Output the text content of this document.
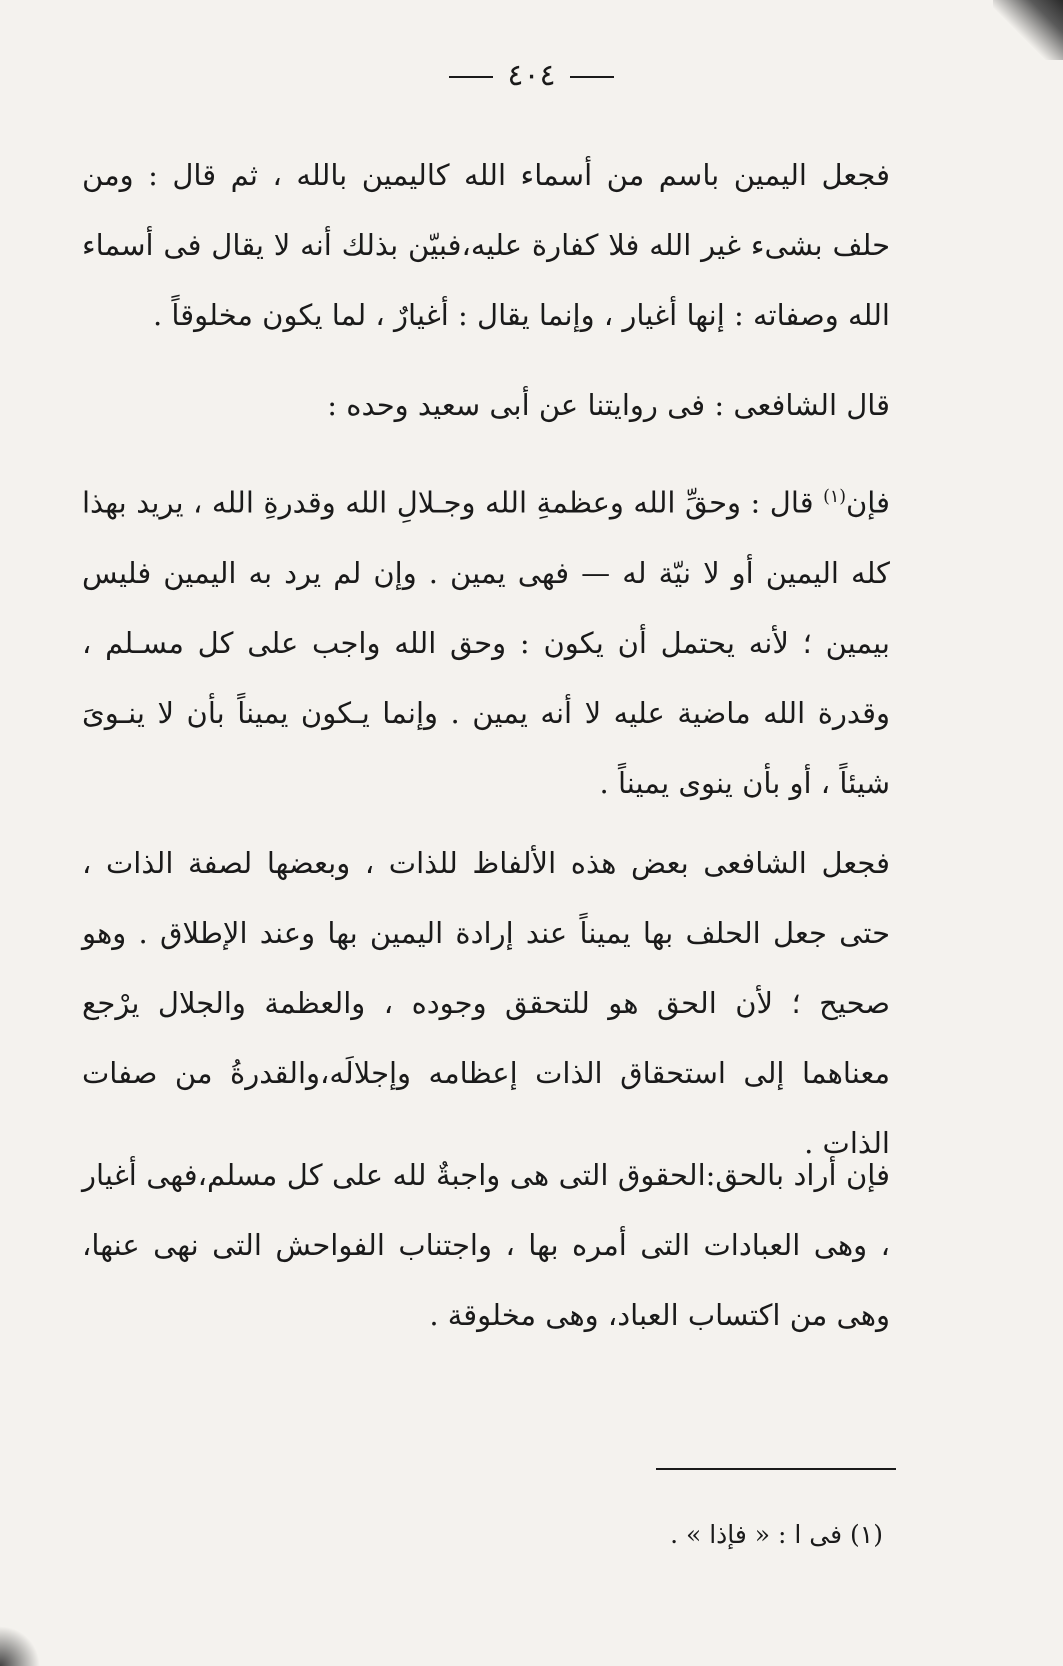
٤٠٤
فجعل اليمين باسم من أسماء الله كاليمين بالله ، ثم قال : ومن حلف بشىء غير الله فلا كفارة عليه،فبيّن بذلك أنه لا يقال فى أسماء الله وصفاته : إنها أغيار ، وإنما يقال : أغيارٌ ، لما يكون مخلوقاً .
قال الشافعى : فى روايتنا عن أبى سعيد وحده :
فإن$^{(١)}$ قال : وحقِّ الله وعظمةِ الله وجـلالِ الله وقدرةِ الله ، يريد بهذا كله اليمين أو لا نيّة له — فهى يمين . وإن لم يرد به اليمين فليس بيمين ؛ لأنه يحتمل أن يكون : وحق الله واجب على كل مسـلم ، وقدرة الله ماضية عليه لا أنه يمين . وإنما يـكون يميناً بأن لا ينـوىَ شيئاً ، أو بأن ينوى يميناً .
فجعل الشافعى بعض هذه الألفاظ للذات ، وبعضها لصفة الذات ، حتى جعل الحلف بها يميناً عند إرادة اليمين بها وعند الإطلاق . وهو صحيح ؛ لأن الحق هو للتحقق وجوده ، والعظمة والجلال يرْجع معناهما إلى استحقاق الذات إعظامه وإجلالَه،والقدرةُ من صفات الذات .
فإن أراد بالحق:الحقوق التى هى واجبةٌ لله على كل مسلم،فهى أغيار ، وهى العبادات التى أمره بها ، واجتناب الفواحش التى نهى عنها، وهى من اكتساب العباد، وهى مخلوقة .
(١) فى ا : « فإذا » .
